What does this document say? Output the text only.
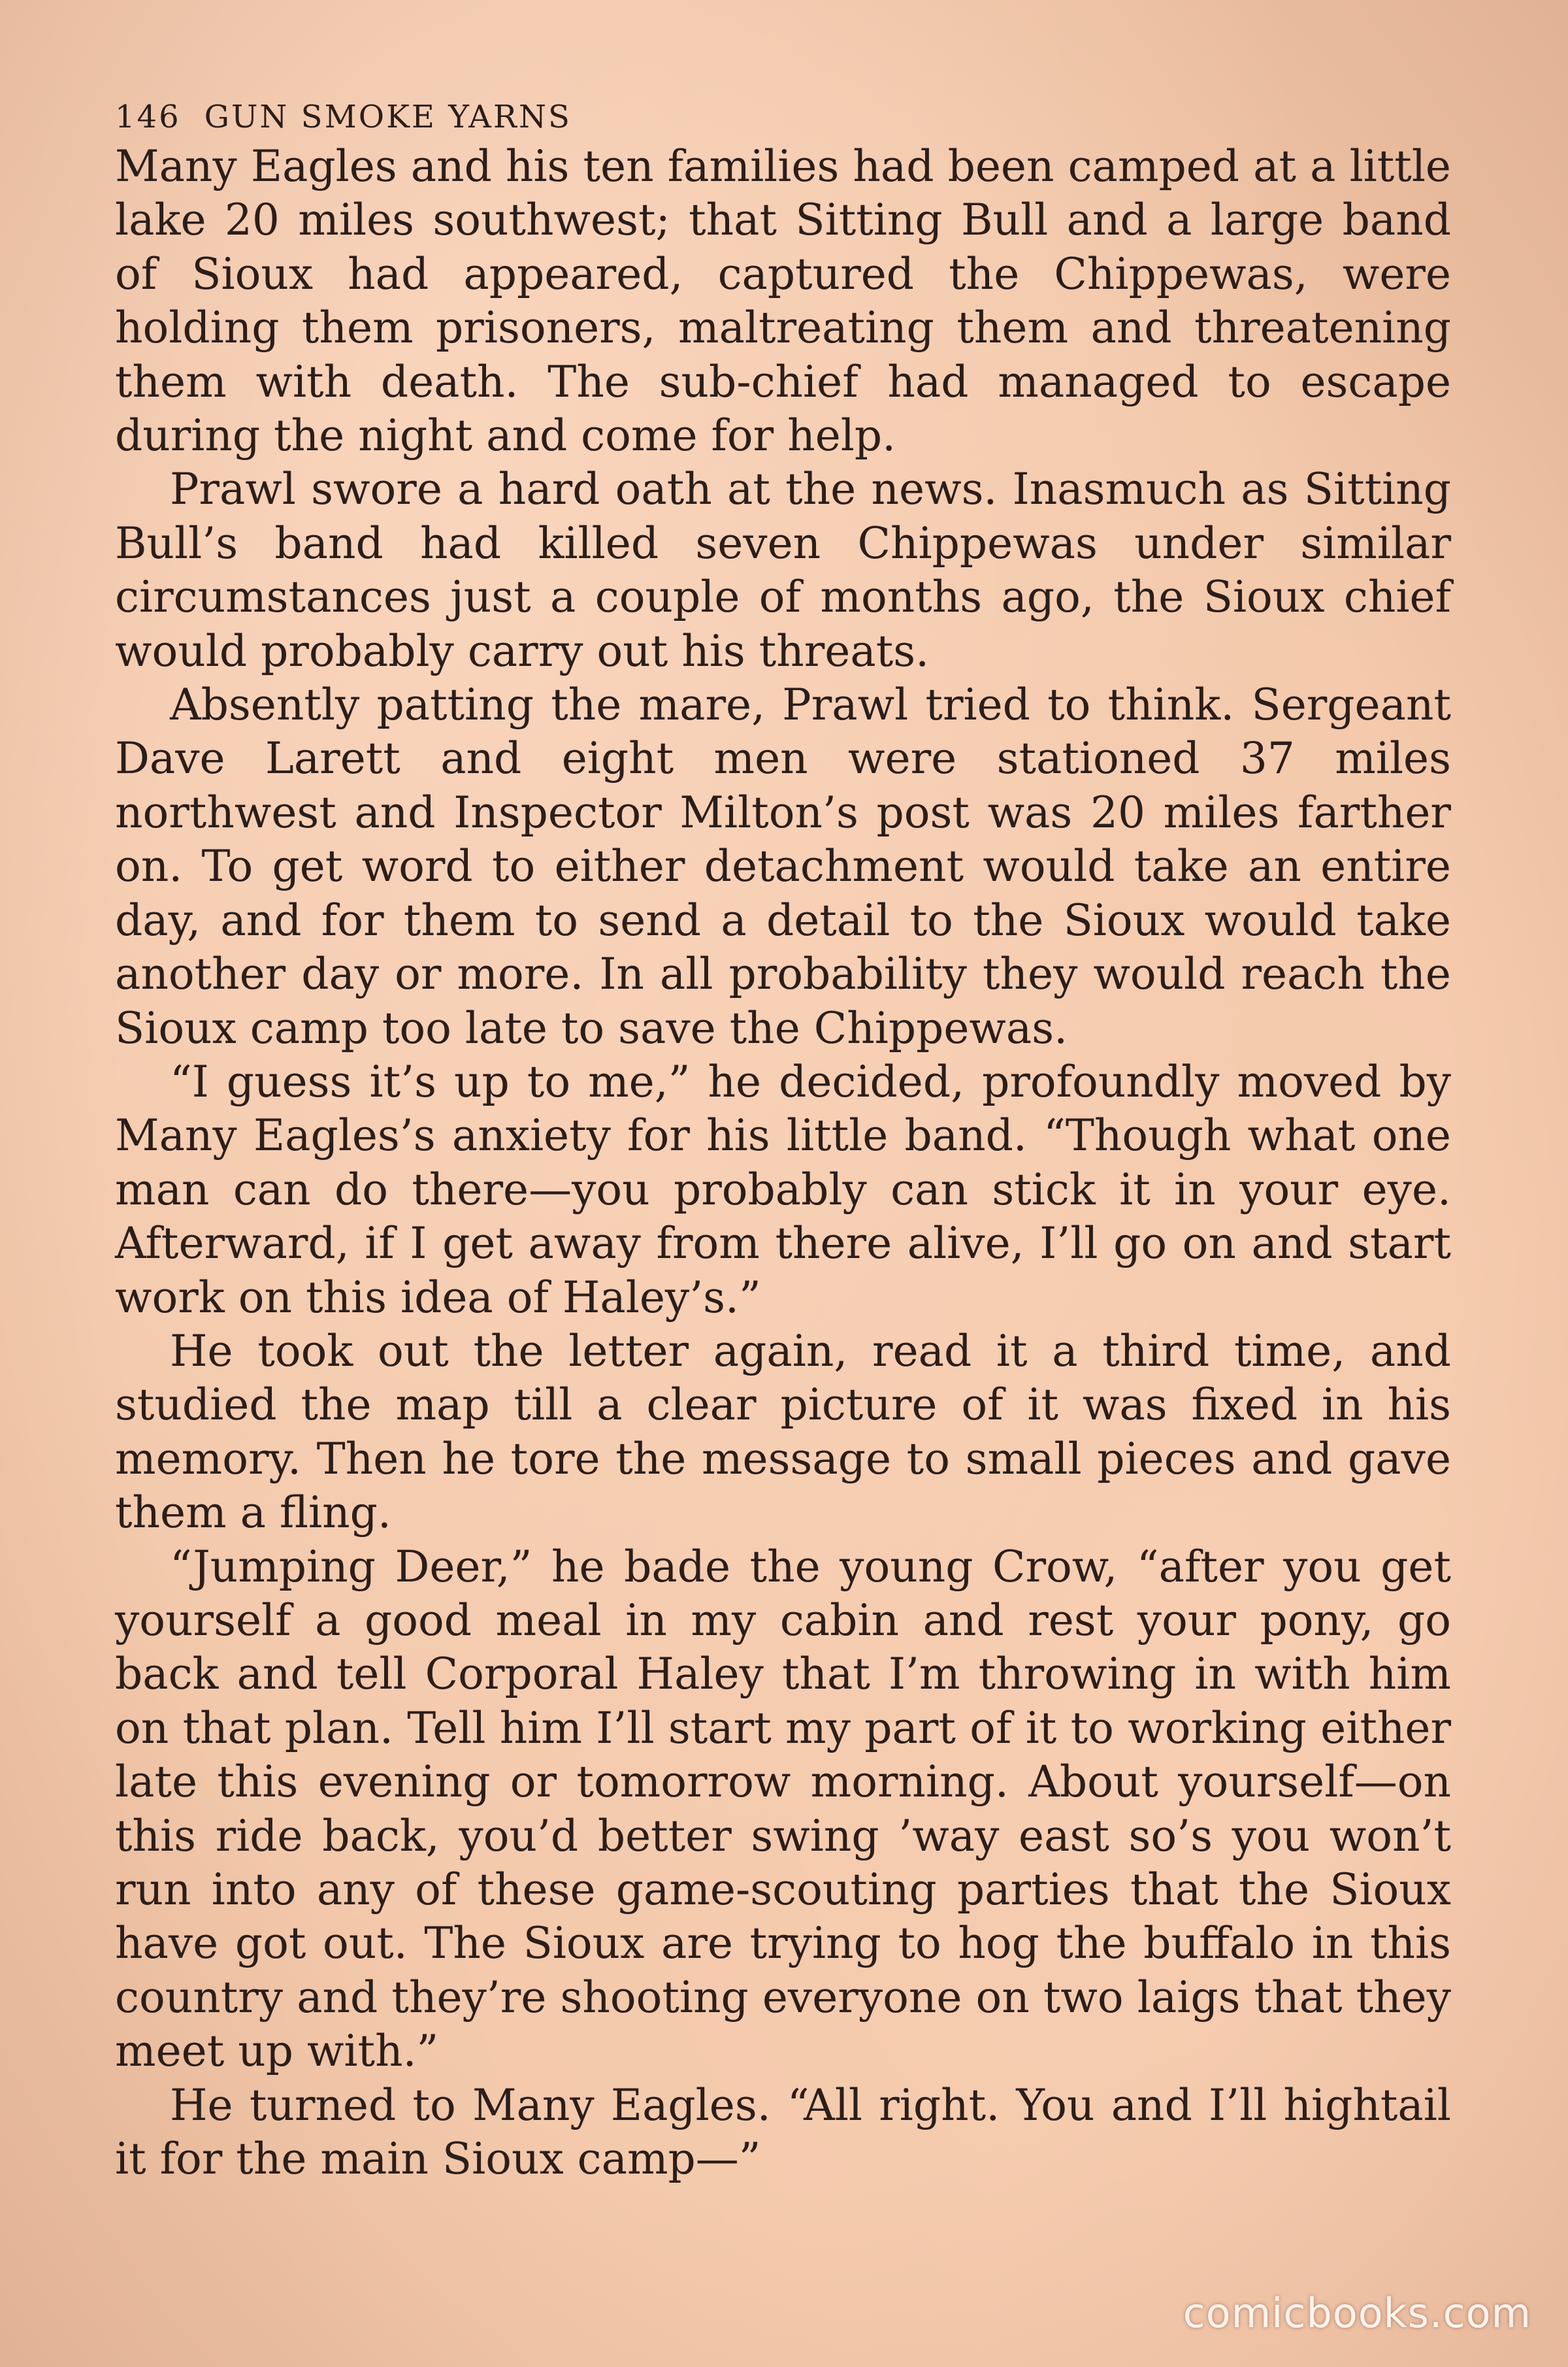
146 GUN SMOKE YARNS

Many Eagles and his ten families had been camped at a little lake 20 miles southwest; that Sitting Bull and a large band of Sioux had appeared, captured the Chippewas, were holding them prisoners, maltreating them and threatening them with death. The sub-chief had managed to escape during the night and come for help.

Prawl swore a hard oath at the news. Inasmuch as Sitting Bull’s band had killed seven Chippewas under similar circumstances just a couple of months ago, the Sioux chief would probably carry out his threats.

Absently patting the mare, Prawl tried to think. Sergeant Dave Larett and eight men were stationed 37 miles northwest and Inspector Milton’s post was 20 miles farther on. To get word to either detachment would take an entire day, and for them to send a detail to the Sioux would take another day or more. In all probability they would reach the Sioux camp too late to save the Chippewas.

“I guess it’s up to me,” he decided, profoundly moved by Many Eagles’s anxiety for his little band. “Though what one man can do there—you probably can stick it in your eye. Afterward, if I get away from there alive, I’ll go on and start work on this idea of Haley’s.”

He took out the letter again, read it a third time, and studied the map till a clear picture of it was fixed in his memory. Then he tore the message to small pieces and gave them a fling.

“Jumping Deer,” he bade the young Crow, “after you get yourself a good meal in my cabin and rest your pony, go back and tell Corporal Haley that I’m throwing in with him on that plan. Tell him I’ll start my part of it to working either late this evening or tomorrow morning. About yourself—on this ride back, you’d better swing ’way east so’s you won’t run into any of these game-scouting parties that the Sioux have got out. The Sioux are trying to hog the buffalo in this country and they’re shooting everyone on two laigs that they meet up with.”

He turned to Many Eagles. “All right. You and I’ll hightail it for the main Sioux camp—”

comicbooks.com
